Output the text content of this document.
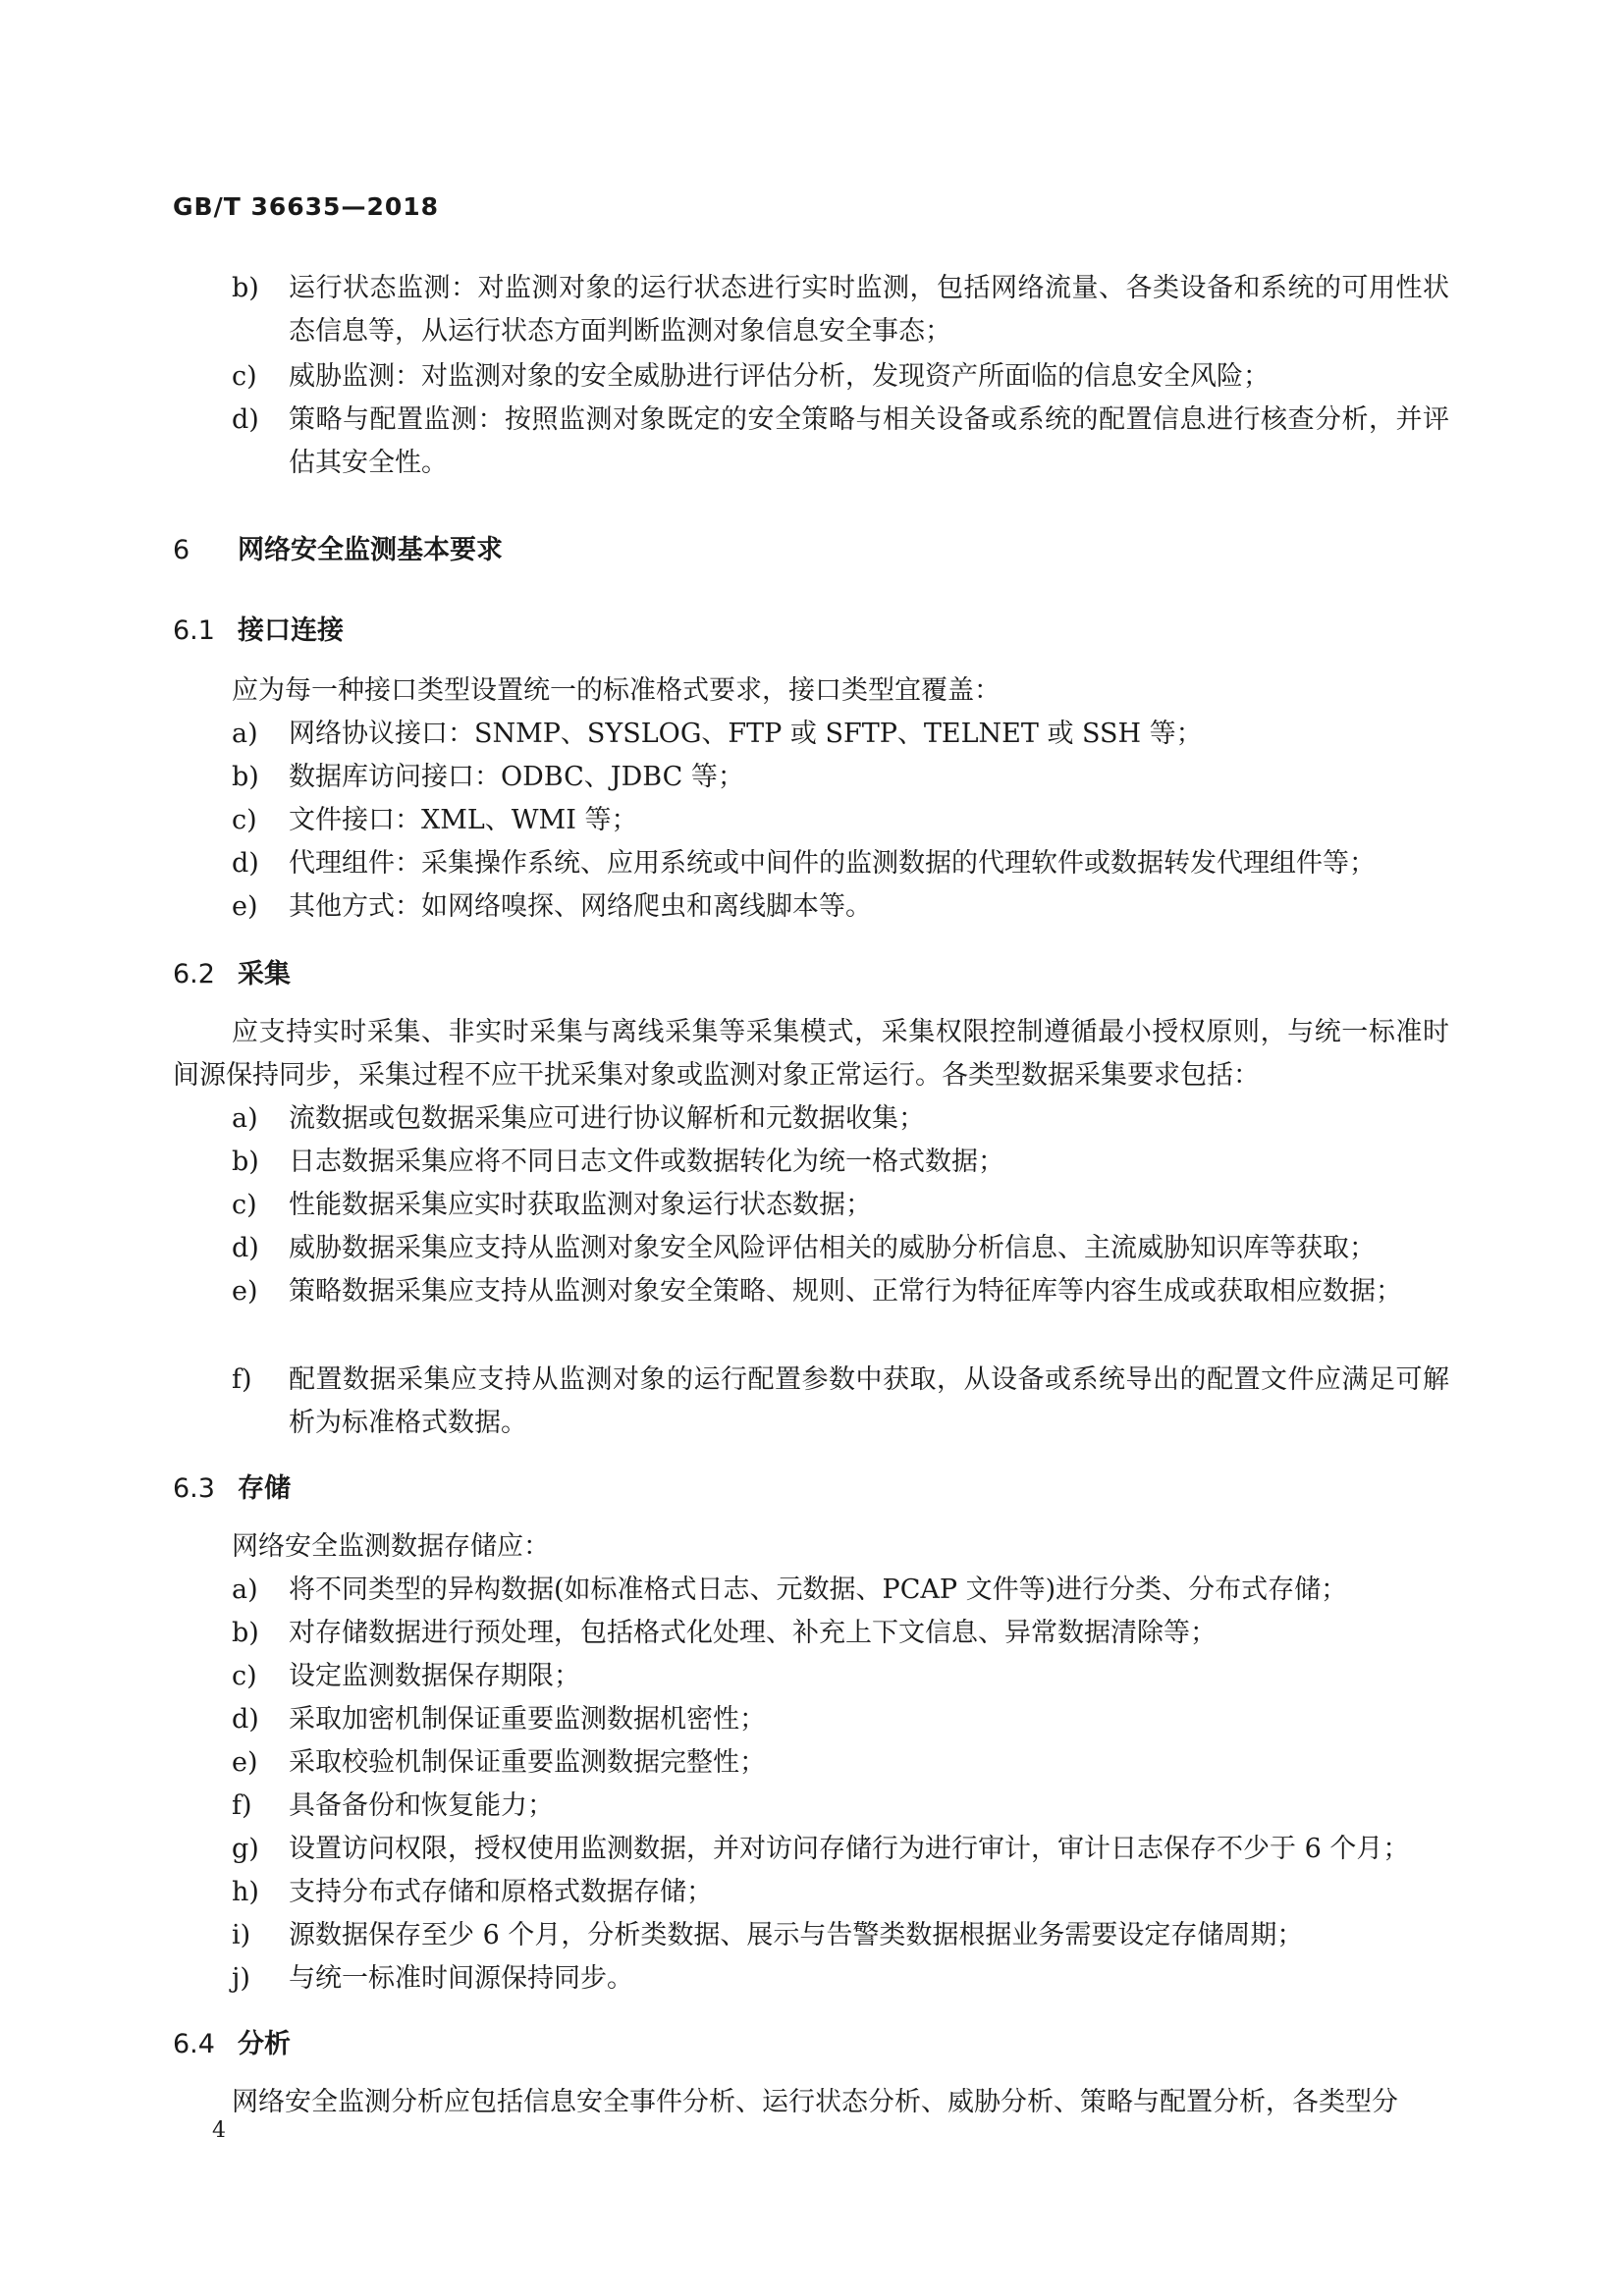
GB/T 36635—2018
b)	运行状态监测：对监测对象的运行状态进行实时监测，包括网络流量、各类设备和系统的可用性状态信息等，从运行状态方面判断监测对象信息安全事态；
c)	威胁监测：对监测对象的安全威胁进行评估分析，发现资产所面临的信息安全风险；
d)	策略与配置监测：按照监测对象既定的安全策略与相关设备或系统的配置信息进行核查分析，并评估其安全性。
6 网络安全监测基本要求
6.1 接口连接
应为每一种接口类型设置统一的标准格式要求，接口类型宜覆盖：
a)	网络协议接口：SNMP、SYSLOG、FTP 或 SFTP、TELNET 或 SSH 等；
b)	数据库访问接口：ODBC、JDBC 等；
c)	文件接口：XML、WMI 等；
d)	代理组件：采集操作系统、应用系统或中间件的监测数据的代理软件或数据转发代理组件等；
e)	其他方式：如网络嗅探、网络爬虫和离线脚本等。
6.2 采集
应支持实时采集、非实时采集与离线采集等采集模式，采集权限控制遵循最小授权原则，与统一标准时间源保持同步，采集过程不应干扰采集对象或监测对象正常运行。各类型数据采集要求包括：
a)	流数据或包数据采集应可进行协议解析和元数据收集；
b)	日志数据采集应将不同日志文件或数据转化为统一格式数据；
c)	性能数据采集应实时获取监测对象运行状态数据；
d)	威胁数据采集应支持从监测对象安全风险评估相关的威胁分析信息、主流威胁知识库等获取；
e)	策略数据采集应支持从监测对象安全策略、规则、正常行为特征库等内容生成或获取相应数据；
f)	配置数据采集应支持从监测对象的运行配置参数中获取，从设备或系统导出的配置文件应满足可解析为标准格式数据。
6.3 存储
网络安全监测数据存储应：
a)	将不同类型的异构数据(如标准格式日志、元数据、PCAP 文件等)进行分类、分布式存储；
b)	对存储数据进行预处理，包括格式化处理、补充上下文信息、异常数据清除等；
c)	设定监测数据保存期限；
d)	采取加密机制保证重要监测数据机密性；
e)	采取校验机制保证重要监测数据完整性；
f)	具备备份和恢复能力；
g)	设置访问权限，授权使用监测数据，并对访问存储行为进行审计，审计日志保存不少于 6 个月；
h)	支持分布式存储和原格式数据存储；
i)	源数据保存至少 6 个月，分析类数据、展示与告警类数据根据业务需要设定存储周期；
j)	与统一标准时间源保持同步。
6.4 分析
网络安全监测分析应包括信息安全事件分析、运行状态分析、威胁分析、策略与配置分析，各类型分
4
